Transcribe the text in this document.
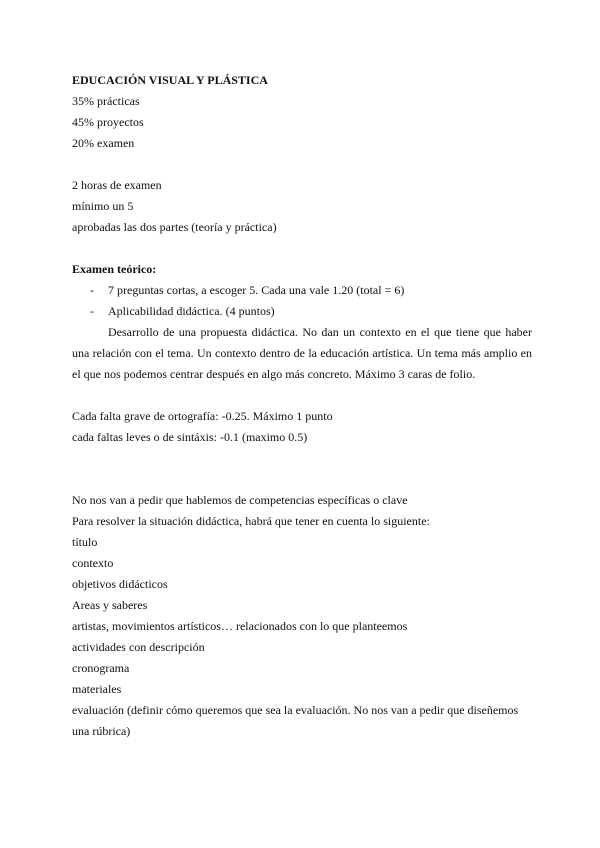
EDUCACIÓN VISUAL Y PLÁSTICA
35% prácticas
45% proyectos
20% examen
2 horas de examen
mínimo un 5
aprobadas las dos partes (teoría y práctica)
Examen teórico:
- 7 preguntas cortas, a escoger 5. Cada una vale 1.20 (total = 6)
- Aplicabilidad didáctica. (4 puntos)
Desarrollo de una propuesta didáctica. No dan un contexto en el que tiene que haber una relación con el tema. Un contexto dentro de la educación artística. Un tema más amplio en el que nos podemos centrar después en algo más concreto. Máximo 3 caras de folio.
Cada falta grave de ortografía: -0.25. Máximo 1 punto
cada faltas leves o de sintáxis: -0.1 (maximo 0.5)
No nos van a pedir que hablemos de competencias específicas o clave
Para resolver la situación didáctica, habrá que tener en cuenta lo siguiente:
título
contexto
objetivos didácticos
Areas y saberes
artistas, movimientos artísticos… relacionados con lo que planteemos
actividades con descripción
cronograma
materiales
evaluación (definir cómo queremos que sea la evaluación. No nos van a pedir que diseñemos una rúbrica)
